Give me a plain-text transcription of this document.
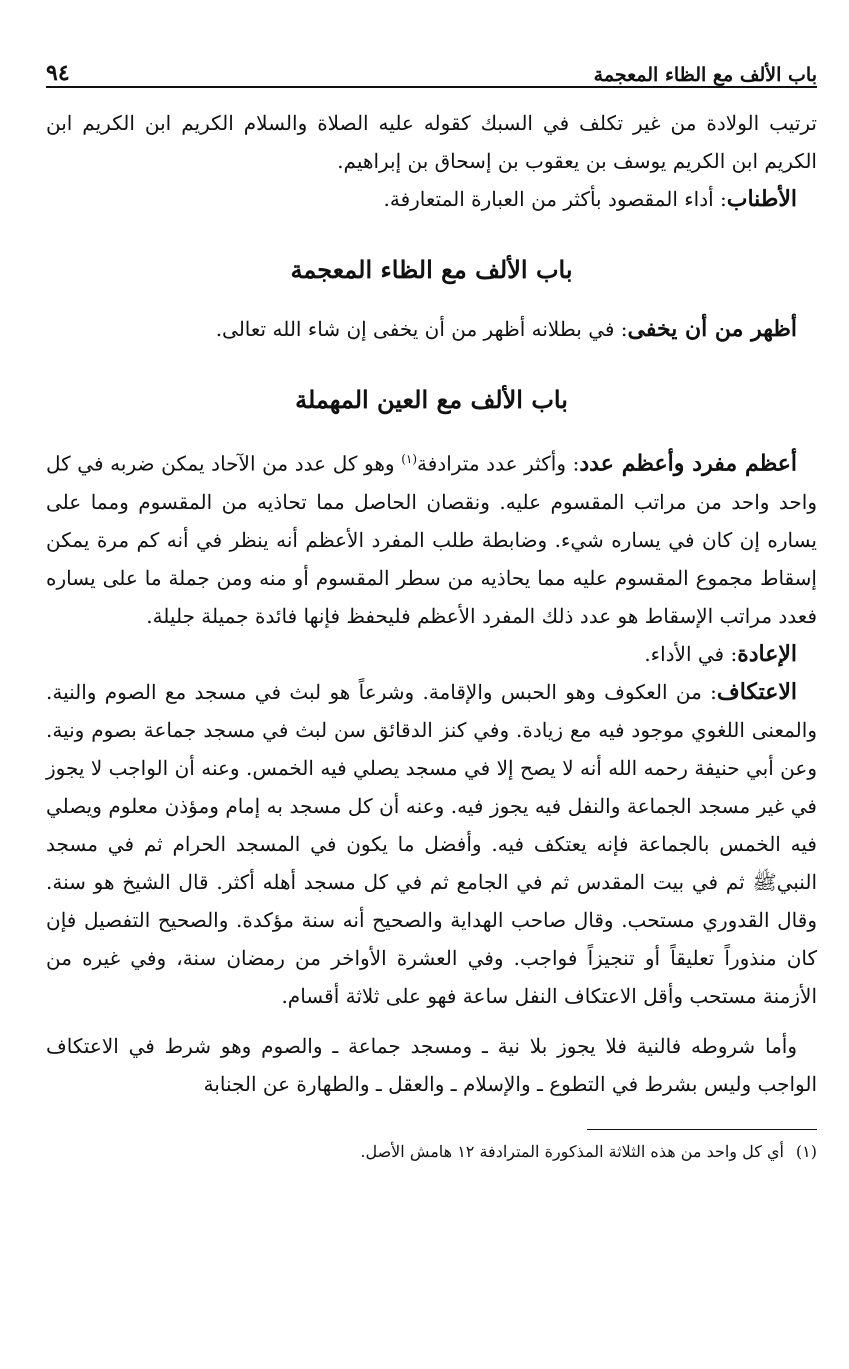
باب الألف مع الظاء المعجمة
٩٤

ترتيب الولادة من غير تكلف في السبك كقوله عليه الصلاة والسلام الكريم ابن الكريم ابن الكريم ابن الكريم يوسف بن يعقوب بن إسحاق بن إبراهيم.

الأطناب: أداء المقصود بأكثر من العبارة المتعارفة.

باب الألف مع الظاء المعجمة

أظهر من أن يخفى: في بطلانه أظهر من أن يخفى إن شاء الله تعالى.

باب الألف مع العين المهملة

أعظم مفرد وأعظم عدد: وأكثر عدد مترادفة$^{(١)}$ وهو كل عدد من الآحاد يمكن ضربه في كل واحد واحد من مراتب المقسوم عليه. ونقصان الحاصل مما تحاذيه من المقسوم ومما على يساره إن كان في يساره شيء. وضابطة طلب المفرد الأعظم أنه ينظر في أنه كم مرة يمكن إسقاط مجموع المقسوم عليه مما يحاذيه من سطر المقسوم أو منه ومن جملة ما على يساره فعدد مراتب الإسقاط هو عدد ذلك المفرد الأعظم فليحفظ فإنها فائدة جميلة جليلة.

الإعادة: في الأداء.

الاعتكاف: من العكوف وهو الحبس والإقامة. وشرعاً هو لبث في مسجد مع الصوم والنية. والمعنى اللغوي موجود فيه مع زيادة. وفي كنز الدقائق سن لبث في مسجد جماعة بصوم ونية. وعن أبي حنيفة رحمه الله أنه لا يصح إلا في مسجد يصلي فيه الخمس. وعنه أن الواجب لا يجوز في غير مسجد الجماعة والنفل فيه يجوز فيه. وعنه أن كل مسجد به إمام ومؤذن معلوم ويصلي فيه الخمس بالجماعة فإنه يعتكف فيه. وأفضل ما يكون في المسجد الحرام ثم في مسجد النبيﷺ ثم في بيت المقدس ثم في الجامع ثم في كل مسجد أهله أكثر. قال الشيخ هو سنة. وقال القدوري مستحب. وقال صاحب الهداية والصحيح أنه سنة مؤكدة. والصحيح التفصيل فإن كان منذوراً تعليقاً أو تنجيزاً فواجب. وفي العشرة الأواخر من رمضان سنة، وفي غيره من الأزمنة مستحب وأقل الاعتكاف النفل ساعة فهو على ثلاثة أقسام.

وأما شروطه فالنية فلا يجوز بلا نية ـ ومسجد جماعة ـ والصوم وهو شرط في الاعتكاف الواجب وليس بشرط في التطوع ـ والإسلام ـ والعقل ـ والطهارة عن الجنابة

(١)أي كل واحد من هذه الثلاثة المذكورة المترادفة ١٢ هامش الأصل.
